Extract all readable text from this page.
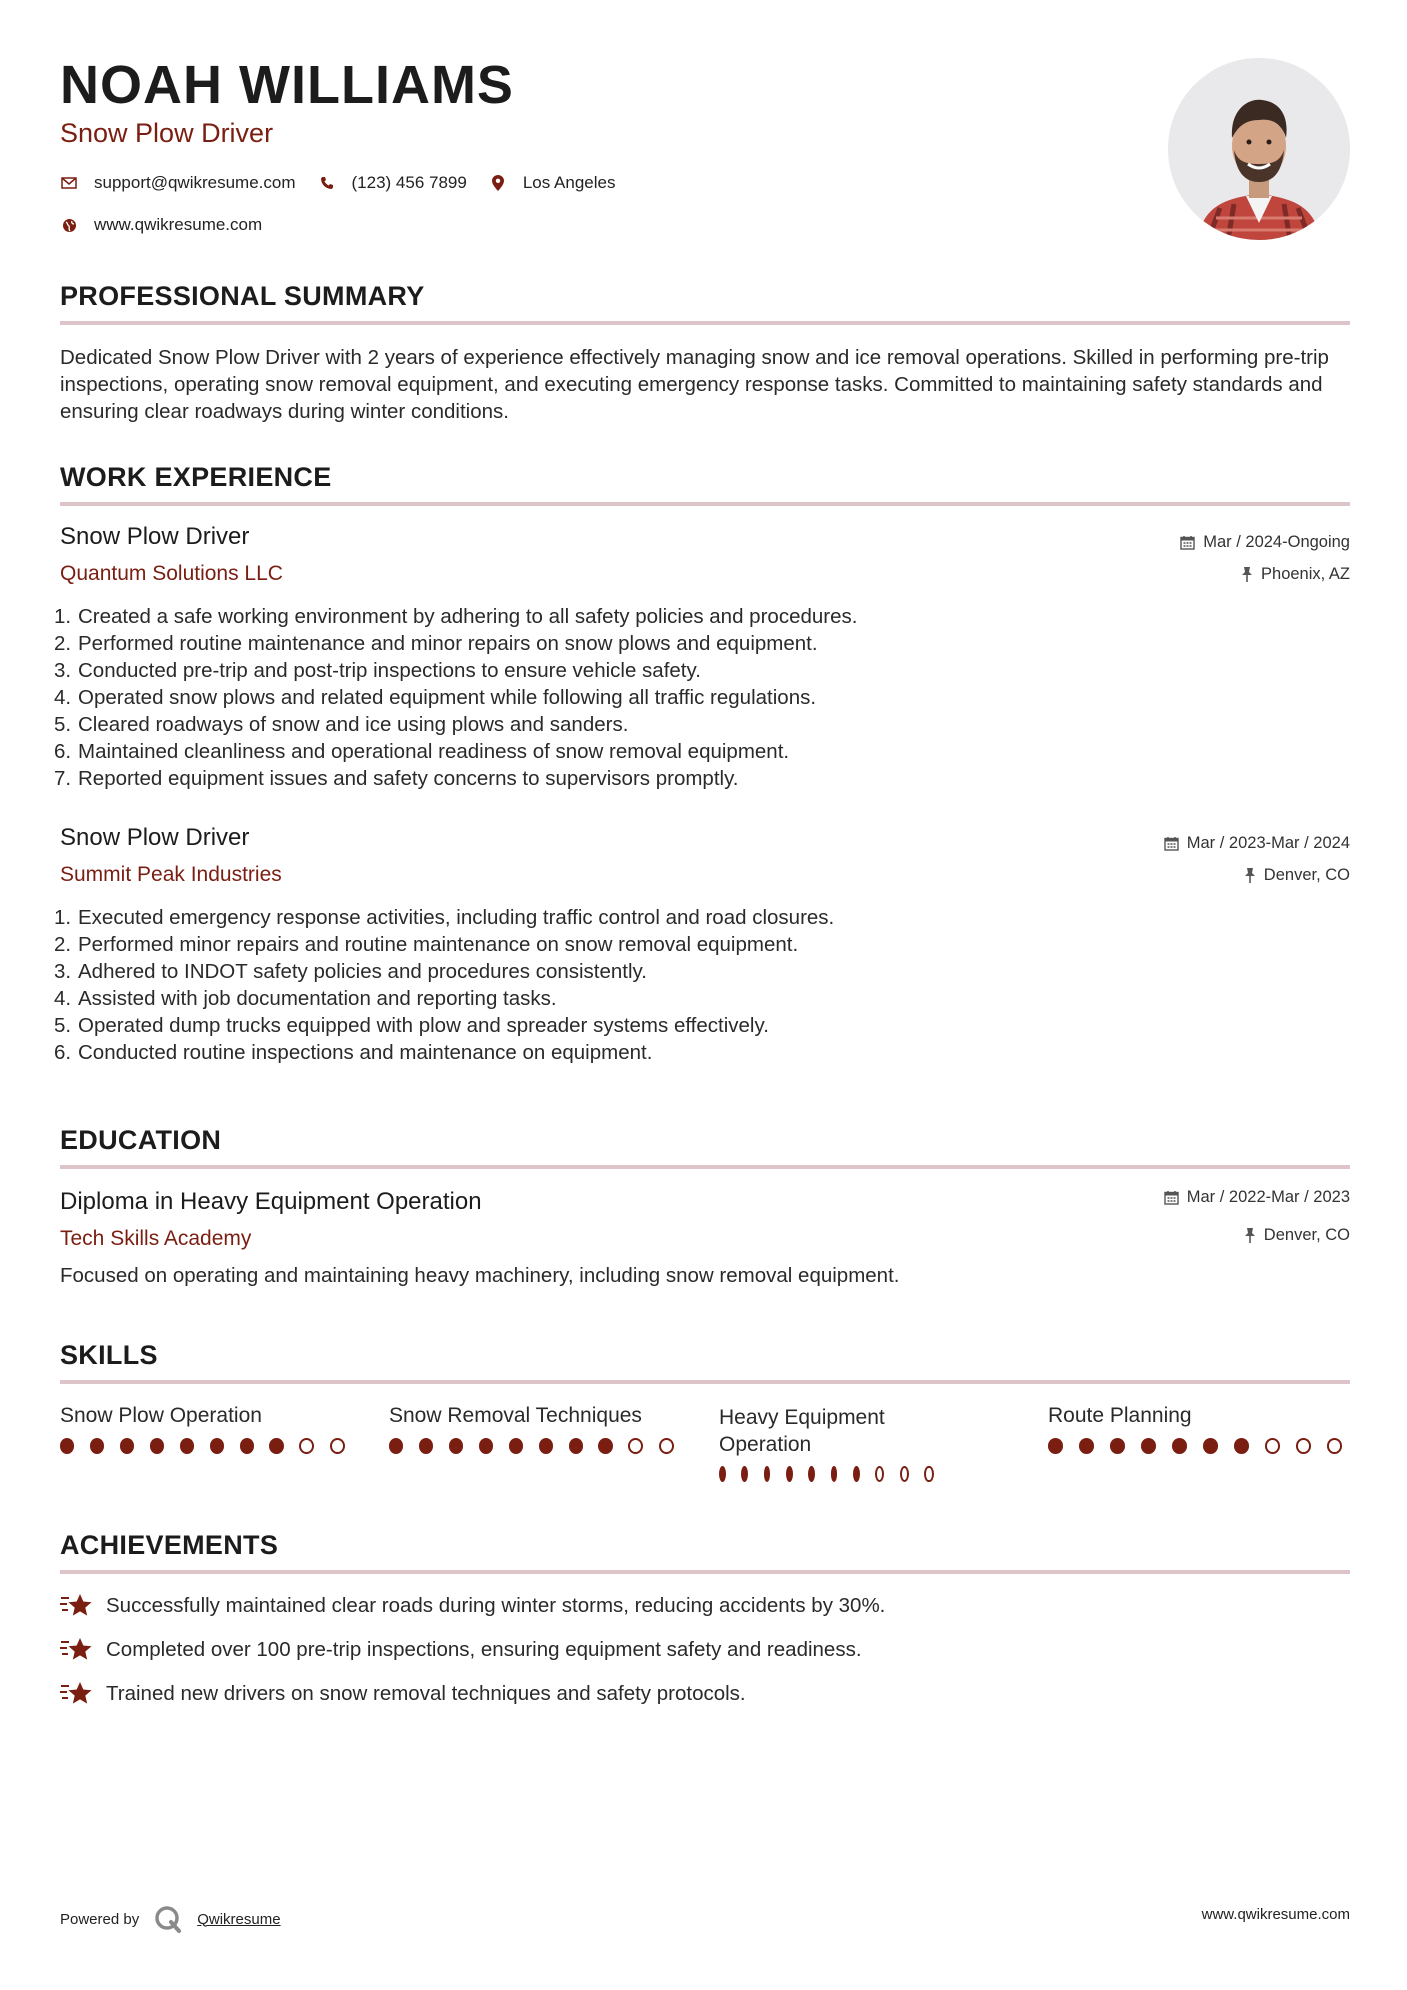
NOAH WILLIAMS
Snow Plow Driver
support@qwikresume.com	(123) 456 7899	Los Angeles
www.qwikresume.com
PROFESSIONAL SUMMARY
Dedicated Snow Plow Driver with 2 years of experience effectively managing snow and ice removal operations. Skilled in performing pre-trip inspections, operating snow removal equipment, and executing emergency response tasks. Committed to maintaining safety standards and ensuring clear roadways during winter conditions.
WORK EXPERIENCE
Snow Plow Driver
Quantum Solutions LLC
Mar / 2024-Ongoing
Phoenix, AZ
1. Created a safe working environment by adhering to all safety policies and procedures.
2. Performed routine maintenance and minor repairs on snow plows and equipment.
3. Conducted pre-trip and post-trip inspections to ensure vehicle safety.
4. Operated snow plows and related equipment while following all traffic regulations.
5. Cleared roadways of snow and ice using plows and sanders.
6. Maintained cleanliness and operational readiness of snow removal equipment.
7. Reported equipment issues and safety concerns to supervisors promptly.
Snow Plow Driver
Summit Peak Industries
Mar / 2023-Mar / 2024
Denver, CO
1. Executed emergency response activities, including traffic control and road closures.
2. Performed minor repairs and routine maintenance on snow removal equipment.
3. Adhered to INDOT safety policies and procedures consistently.
4. Assisted with job documentation and reporting tasks.
5. Operated dump trucks equipped with plow and spreader systems effectively.
6. Conducted routine inspections and maintenance on equipment.
EDUCATION
Diploma in Heavy Equipment Operation
Tech Skills Academy
Mar / 2022-Mar / 2023
Denver, CO
Focused on operating and maintaining heavy machinery, including snow removal equipment.
SKILLS
Snow Plow Operation	Snow Removal Techniques	Heavy Equipment Operation
Route Planning
ACHIEVEMENTS
Successfully maintained clear roads during winter storms, reducing accidents by 30%.
Completed over 100 pre-trip inspections, ensuring equipment safety and readiness.
Trained new drivers on snow removal techniques and safety protocols.
Powered by	Qwikresume	www.qwikresume.com
